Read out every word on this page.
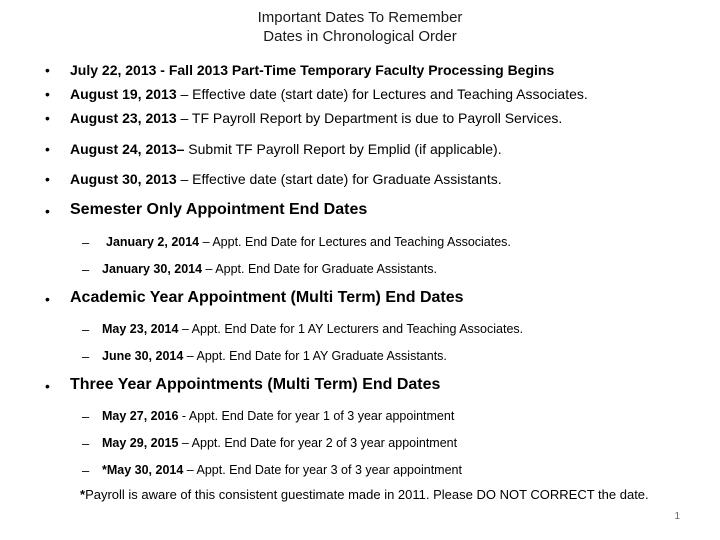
Important Dates To Remember
Dates in Chronological Order
• July 22, 2013 - Fall 2013 Part-Time Temporary Faculty Processing Begins
• August 19, 2013 – Effective date (start date) for Lectures and Teaching Associates.
• August 23, 2013 – TF Payroll Report by Department is due to Payroll Services.
• August 24, 2013– Submit TF Payroll Report by Emplid (if applicable).
• August 30, 2013 – Effective date (start date) for Graduate Assistants.
• Semester Only Appointment End Dates
– January 2, 2014 – Appt. End Date for Lectures and Teaching Associates.
– January 30, 2014 – Appt. End Date for Graduate Assistants.
• Academic Year Appointment (Multi Term) End Dates
– May 23, 2014 – Appt. End Date for 1 AY Lecturers and Teaching Associates.
– June 30, 2014 – Appt. End Date for 1 AY Graduate Assistants.
• Three Year Appointments (Multi Term) End Dates
– May 27, 2016 - Appt. End Date for year 1 of 3 year appointment
– May 29, 2015 – Appt. End Date for year 2 of 3 year appointment
– *May 30, 2014 – Appt. End Date for year 3 of 3 year appointment
*Payroll is aware of this consistent guestimate made in 2011. Please DO NOT CORRECT the date.
1
